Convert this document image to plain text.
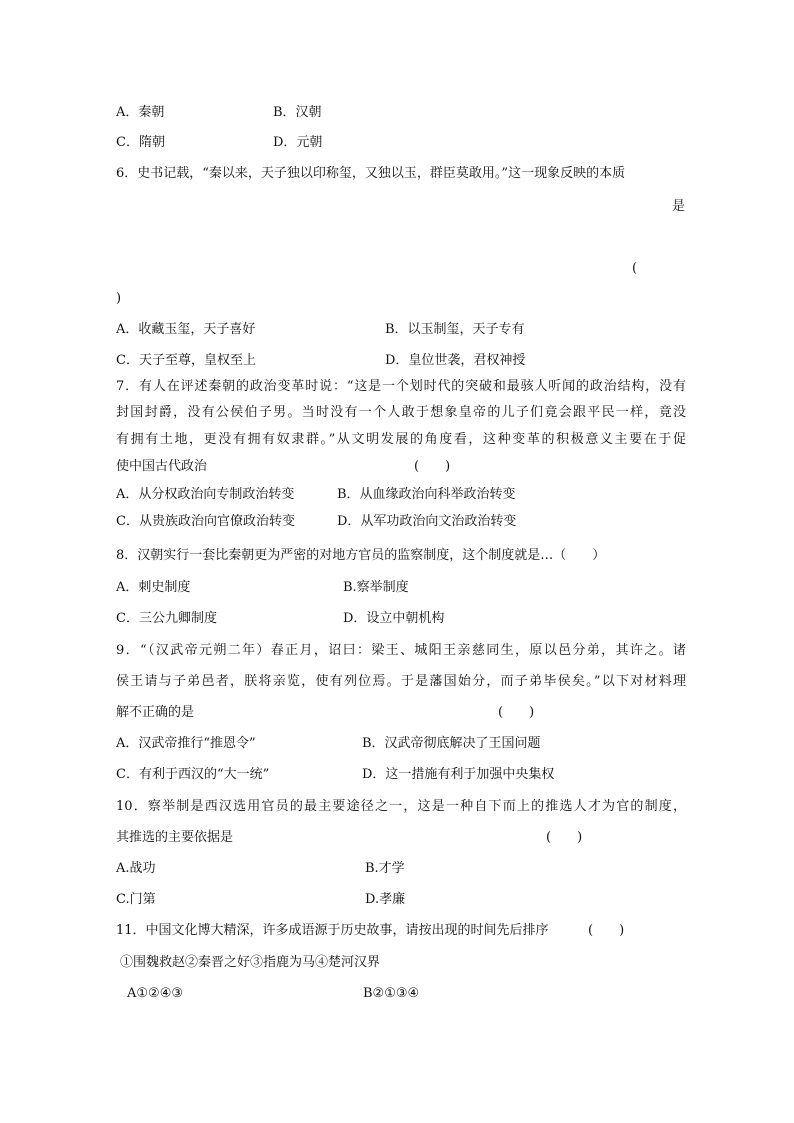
A．秦朝	B．汉朝
C．隋朝	D．元朝
6．史书记载，“秦以来，天子独以印称玺，又独以玉，群臣莫敢用。”这一现象反映的本质
是
(
)
A．收藏玉玺，天子喜好	B．以玉制玺，天子专有
C．天子至尊，皇权至上	D．皇位世袭，君权神授
7．有人在评述秦朝的政治变革时说：“这是一个划时代的突破和最骇人听闻的政治结构，没有
封国封爵，没有公侯伯子男。当时没有一个人敢于想象皇帝的儿子们竟会跟平民一样，竟没
有拥有土地，更没有拥有奴隶群。”从文明发展的角度看，这种变革的积极意义主要在于促
使中国古代政治	(　　)
A．从分权政治向专制政治转变	B．从血缘政治向科举政治转变
C．从贵族政治向官僚政治转变	D．从军功政治向文治政治转变
8．汉朝实行一套比秦朝更为严密的对地方官员的监察制度，这个制度就是…（　　）
A．刺史制度	B.察举制度
C．三公九卿制度	D．设立中朝机构
9．“（汉武帝元朔二年）春正月，诏曰：梁王、城阳王亲慈同生，原以邑分弟，其许之。诸
侯王请与子弟邑者，朕将亲览，使有列位焉。于是藩国始分，而子弟毕侯矣。”以下对材料理
解不正确的是	(　　)
A．汉武帝推行“推恩令”	B．汉武帝彻底解决了王国问题
C．有利于西汉的“大一统”	D．这一措施有利于加强中央集权
10．察举制是西汉选用官员的最主要途径之一，这是一种自下而上的推选人才为官的制度，
其推选的主要依据是	(　　)
A.战功	B.才学
C.门第	D.孝廉
11．中国文化博大精深，许多成语源于历史故事，请按出现的时间先后排序	(　　)
①围魏救赵②秦晋之好③指鹿为马④楚河汉界
A①②④③	B②①③④
